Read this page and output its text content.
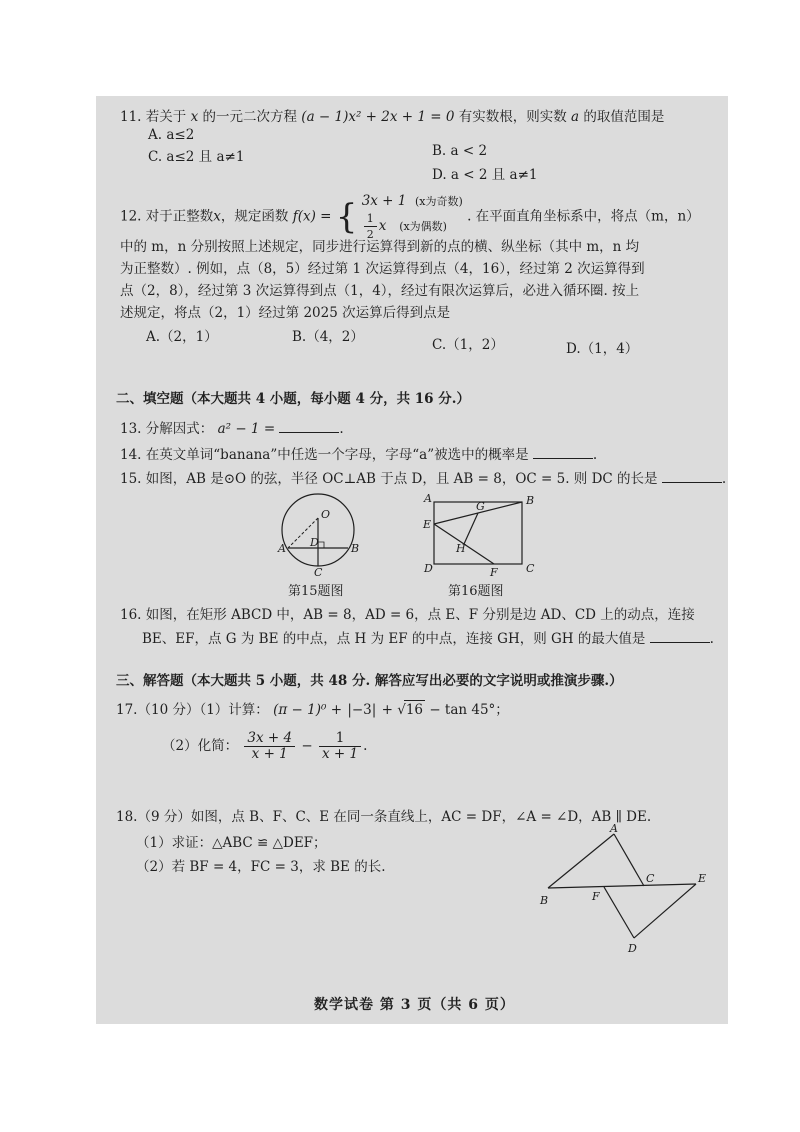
11. 若关于 x 的一元二次方程 (a − 1)x² + 2x + 1 = 0 有实数根，则实数 a 的取值范围是
A. a≤2
B. a < 2
C. a≤2 且 a≠1
D. a < 2 且 a≠1
12. 对于正整数x，规定函数 f(x) = { 3x + 1 (x为奇数)
$\frac{1}{2}$ x (x为偶数)
. 在平面直角坐标系中，将点（m，n）
中的 m，n 分别按照上述规定，同步进行运算得到新的点的横、纵坐标（其中 m，n 均
为正整数）. 例如，点（8，5）经过第 1 次运算得到点（4，16），经过第 2 次运算得到
点（2，8），经过第 3 次运算得到点（1，4），经过有限次运算后，必进入循环圈. 按上
述规定，将点（2，1）经过第 2025 次运算后得到点是
A.（2，1）	B.（4，2）	C.（1，2）	D.（1，4）
二、填空题（本大题共 4 小题，每小题 4 分，共 16 分.）
13. 分解因式： a² − 1 =	.
14. 在英文单词“banana”中任选一个字母，字母“a”被选中的概率是	.
15. 如图，AB 是⊙O 的弦，半径 OC⊥AB 于点 D，且 AB = 8，OC = 5. 则 DC 的长是	.
O
A	B
C
D
第15题图
A	B
C
D
E
F
G
H
第16题图
16. 如图，在矩形 ABCD 中，AB = 8，AD = 6，点 E、F 分别是边 AD、CD 上的动点，连接
BE、EF，点 G 为 BE 的中点，点 H 为 EF 的中点，连接 GH，则 GH 的最大值是	.
三、解答题（本大题共 5 小题，共 48 分. 解答应写出必要的文字说明或推演步骤.）
17.（10 分）（1）计算： (π − 1)⁰ + |−3| + √16 − tan 45°；
（2）化简： $\frac{3x + 4}{x + 1} - \frac{1}{x + 1}$ .
18.（9 分）如图，点 B、F、C、E 在同一条直线上，AC = DF，∠A = ∠D，AB ∥ DE.
（1）求证：△ABC ≌ △DEF；
（2）若 BF = 4，FC = 3，求 BE 的长.
A
B
C
D
E
F
数学试卷 第 3 页（共 6 页）
